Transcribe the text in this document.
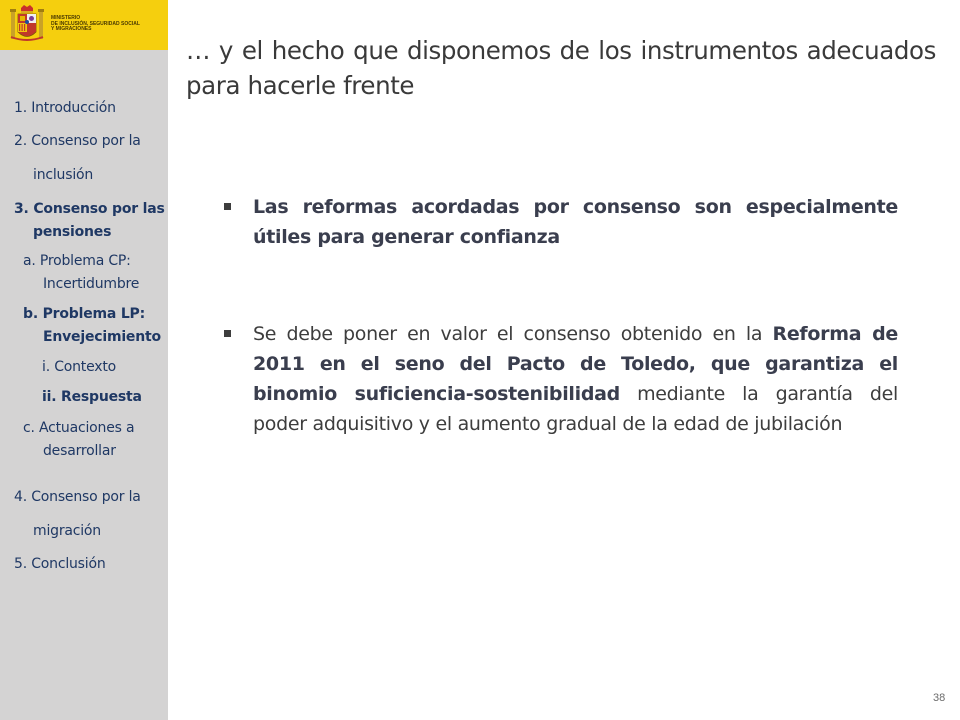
MINISTERIO
DE INCLUSIÓN, SEGURIDAD SOCIAL
Y MIGRACIONES
1. Introducción
2. Consenso por la
inclusión
3. Consenso por las
pensiones
a. Problema CP:
Incertidumbre
b. Problema LP:
Envejecimiento
i. Contexto
ii. Respuesta
c. Actuaciones a
desarrollar
4. Consenso por la
migración
5. Conclusión
… y el hecho que disponemos de los instrumentos adecuados para hacerle frente
Las reformas acordadas por consenso son especialmente útiles para generar confianza
Se debe poner en valor el consenso obtenido en la Reforma de 2011 en el seno del Pacto de Toledo, que garantiza el binomio suficiencia-sostenibilidad mediante la garantía del poder adquisitivo y el aumento gradual de la edad de jubilación
38
